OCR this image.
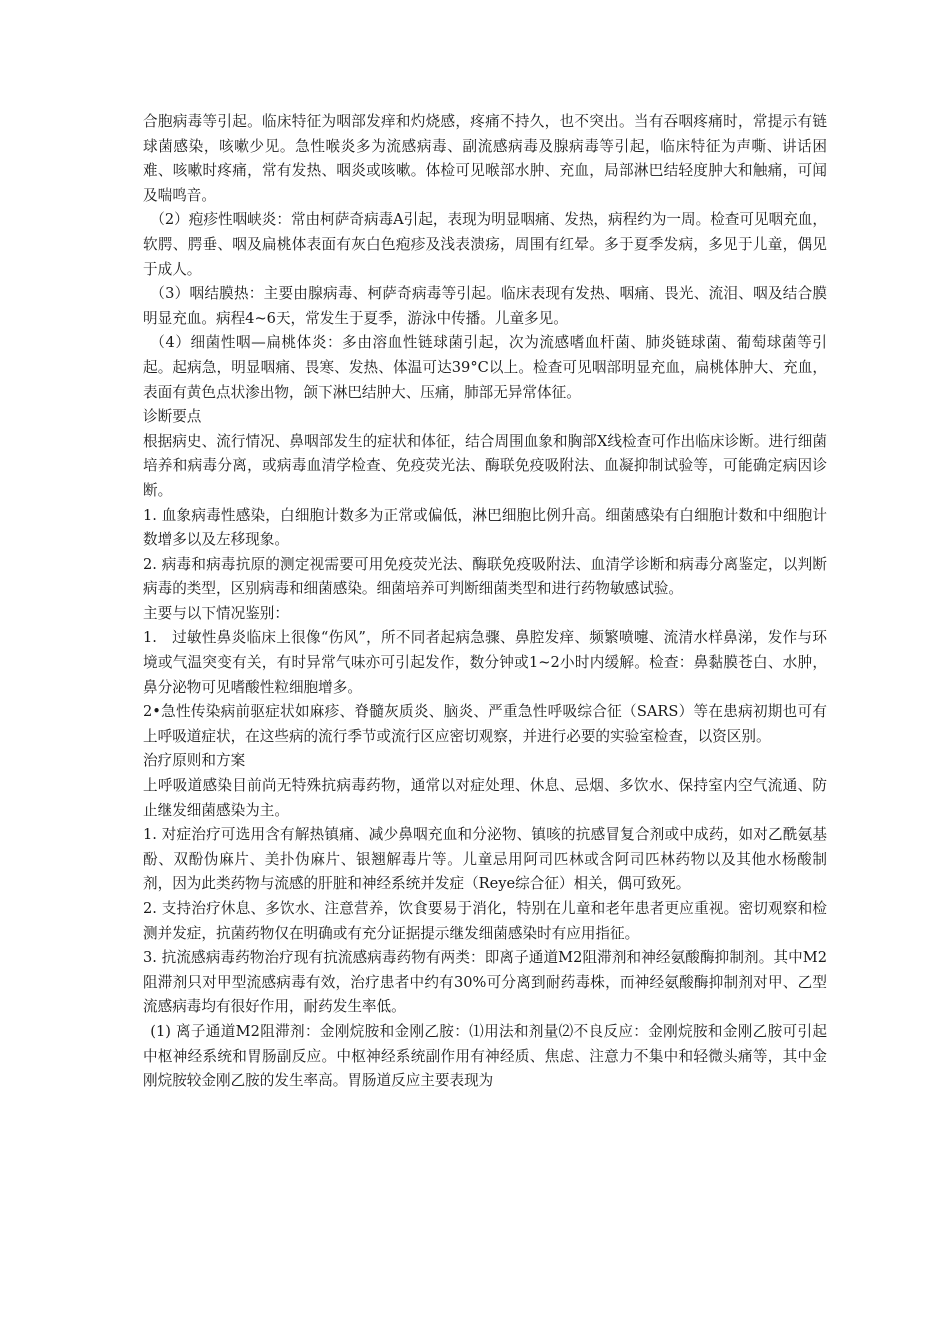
合胞病毒等引起。临床特征为咽部发痒和灼烧感，疼痛不持久，也不突出。当有吞咽疼痛时，常提示有链球菌感染，咳嗽少见。急性喉炎多为流感病毒、副流感病毒及腺病毒等引起，临床特征为声嘶、讲话困难、咳嗽时疼痛，常有发热、咽炎或咳嗽。体检可见喉部水肿、充血，局部淋巴结轻度肿大和触痛，可闻及喘鸣音。

（2）疱疹性咽峡炎：常由柯萨奇病毒A引起，表现为明显咽痛、发热，病程约为一周。检查可见咽充血，软腭、腭垂、咽及扁桃体表面有灰白色疱疹及浅表溃疡，周围有红晕。多于夏季发病，多见于儿童，偶见于成人。

（3）咽结膜热：主要由腺病毒、柯萨奇病毒等引起。临床表现有发热、咽痛、畏光、流泪、咽及结合膜明显充血。病程4~6天，常发生于夏季，游泳中传播。儿童多见。

（4）细菌性咽—扁桃体炎：多由溶血性链球菌引起，次为流感嗜血杆菌、肺炎链球菌、葡萄球菌等引起。起病急，明显咽痛、畏寒、发热、体温可达39°C以上。检查可见咽部明显充血，扁桃体肿大、充血，表面有黄色点状渗出物，颌下淋巴结肿大、压痛，肺部无异常体征。

诊断要点

根据病史、流行情况、鼻咽部发生的症状和体征，结合周围血象和胸部X线检查可作出临床诊断。进行细菌培养和病毒分离，或病毒血清学检查、免疫荧光法、酶联免疫吸附法、血凝抑制试验等，可能确定病因诊断。

1. 血象病毒性感染，白细胞计数多为正常或偏低，淋巴细胞比例升高。细菌感染有白细胞计数和中细胞计数增多以及左移现象。

2. 病毒和病毒抗原的测定视需要可用免疫荧光法、酶联免疫吸附法、血清学诊断和病毒分离鉴定，以判断病毒的类型，区别病毒和细菌感染。细菌培养可判断细菌类型和进行药物敏感试验。

主要与以下情况鉴别：

1.　过敏性鼻炎临床上很像“伤风”，所不同者起病急骤、鼻腔发痒、频繁喷嚏、流清水样鼻涕，发作与环境或气温突变有关，有时异常气味亦可引起发作，数分钟或1~2小时内缓解。检查：鼻黏膜苍白、水肿，鼻分泌物可见嗜酸性粒细胞增多。

2•急性传染病前驱症状如麻疹、脊髓灰质炎、脑炎、严重急性呼吸综合征（SARS）等在患病初期也可有上呼吸道症状，在这些病的流行季节或流行区应密切观察，并进行必要的实验室检查，以资区别。

治疗原则和方案

上呼吸道感染目前尚无特殊抗病毒药物，通常以对症处理、休息、忌烟、多饮水、保持室内空气流通、防止继发细菌感染为主。

1. 对症治疗可选用含有解热镇痛、减少鼻咽充血和分泌物、镇咳的抗感冒复合剂或中成药，如对乙酰氨基酚、双酚伪麻片、美扑伪麻片、银翘解毒片等。儿童忌用阿司匹林或含阿司匹林药物以及其他水杨酸制剂，因为此类药物与流感的肝脏和神经系统并发症（Reye综合征）相关，偶可致死。

2. 支持治疗休息、多饮水、注意营养，饮食要易于消化，特别在儿童和老年患者更应重视。密切观察和检测并发症，抗菌药物仅在明确或有充分证据提示继发细菌感染时有应用指征。

3. 抗流感病毒药物治疗现有抗流感病毒药物有两类：即离子通道M2阻滞剂和神经氨酸酶抑制剂。其中M2阻滞剂只对甲型流感病毒有效，治疗患者中约有30%可分离到耐药毒株，而神经氨酸酶抑制剂对甲、乙型流感病毒均有很好作用，耐药发生率低。

(1) 离子通道M2阻滞剂：金刚烷胺和金刚乙胺：⑴用法和剂量⑵不良反应：金刚烷胺和金刚乙胺可引起中枢神经系统和胃肠副反应。中枢神经系统副作用有神经质、焦虑、注意力不集中和轻微头痛等，其中金刚烷胺较金刚乙胺的发生率高。胃肠道反应主要表现为
